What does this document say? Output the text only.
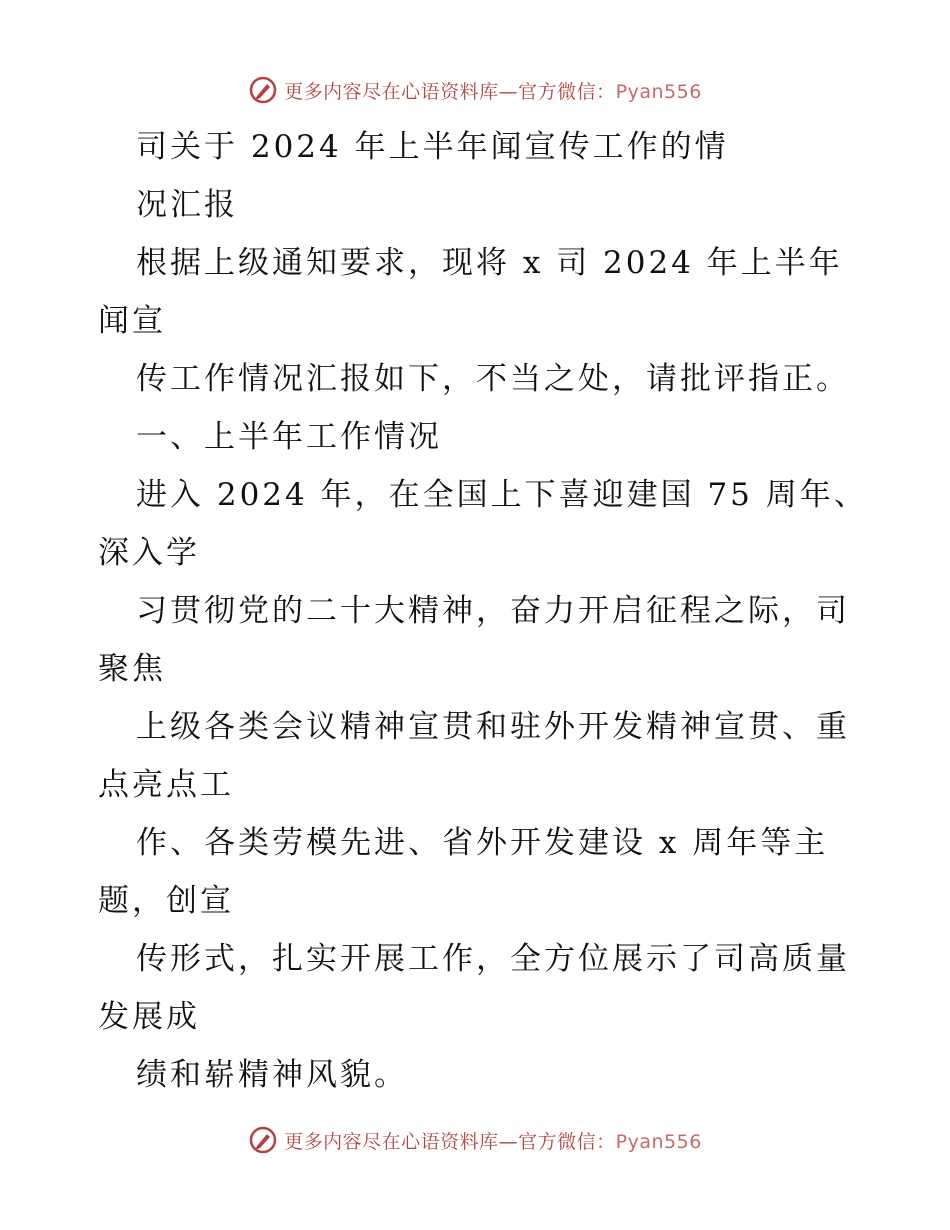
更多内容尽在心语资料库—官方微信：Pyan556
司关于 2024 年上半年闻宣传工作的情
况汇报
根据上级通知要求，现将 x 司 2024 年上半年
闻宣
传工作情况汇报如下，不当之处，请批评指正。
一、上半年工作情况
进入 2024 年，在全国上下喜迎建国 75 周年、
深入学
习贯彻党的二十大精神，奋力开启征程之际，司
聚焦
上级各类会议精神宣贯和驻外开发精神宣贯、重
点亮点工
作、各类劳模先进、省外开发建设 x 周年等主
题，创宣
传形式，扎实开展工作，全方位展示了司高质量
发展成
绩和崭精神风貌。
更多内容尽在心语资料库—官方微信：Pyan556
